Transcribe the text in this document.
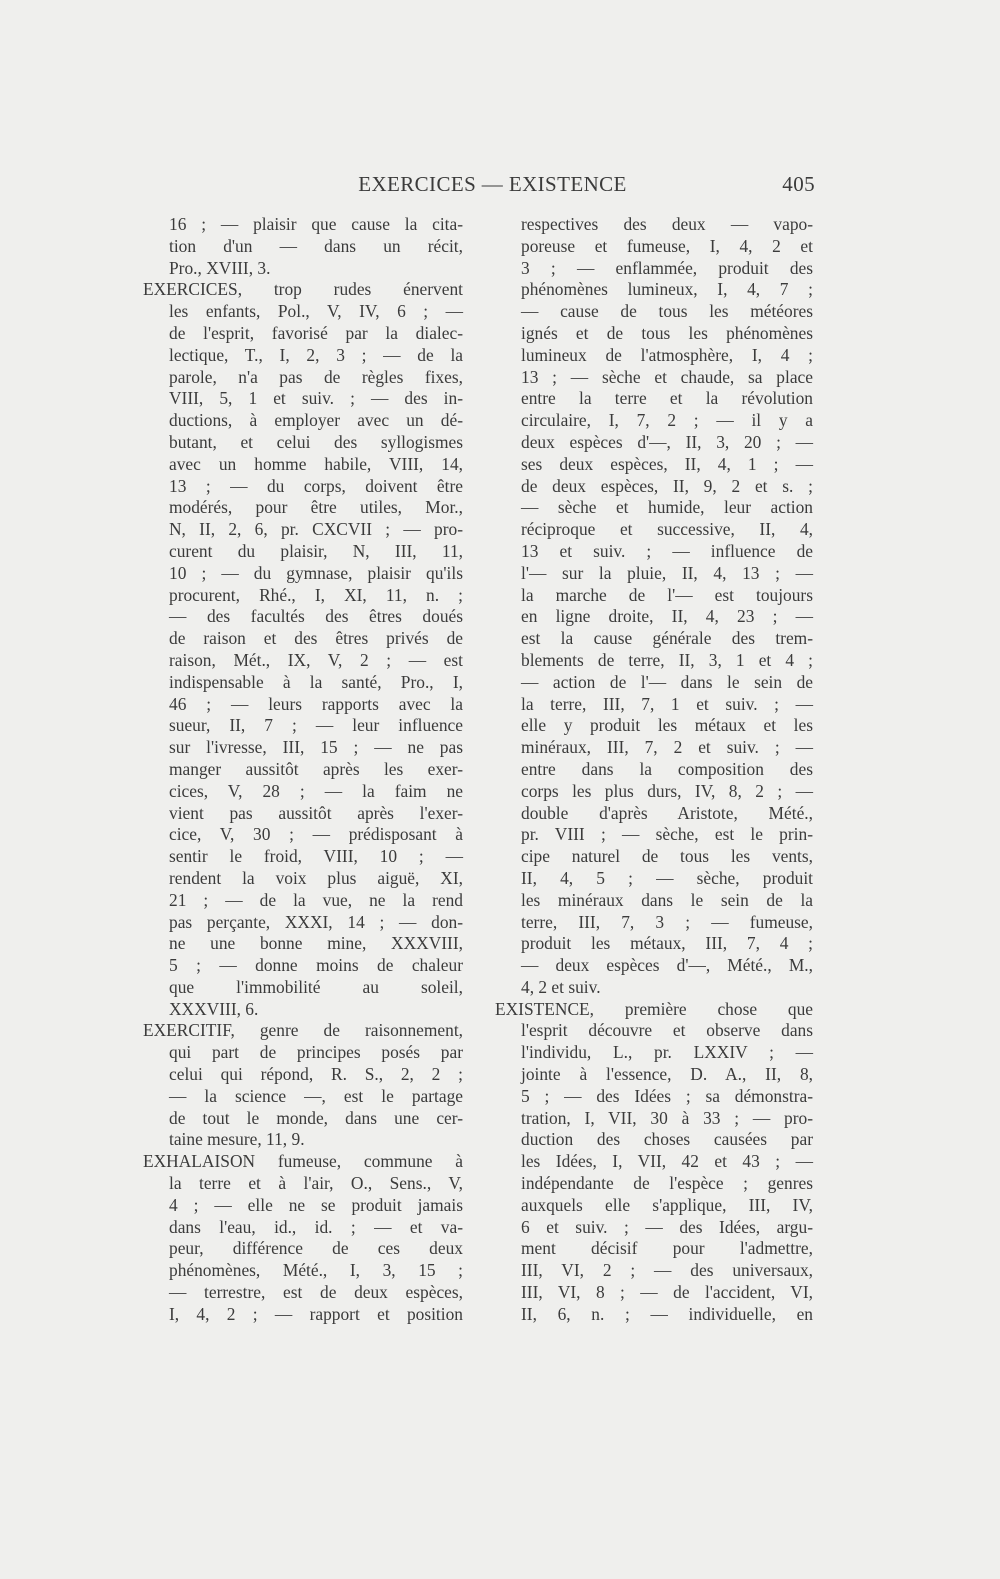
EXERCICES — EXISTENCE	405
16 ; — plaisir que cause la cita-
tion d'un — dans un récit,
Pro., XVIII, 3.
EXERCICES, trop rudes énervent
les enfants, Pol., V, IV, 6 ; —
de l'esprit, favorisé par la dialec-
lectique, T., I, 2, 3 ; — de la
parole, n'a pas de règles fixes,
VIII, 5, 1 et suiv. ; — des in-
ductions, à employer avec un dé-
butant, et celui des syllogismes
avec un homme habile, VIII, 14,
13 ; — du corps, doivent être
modérés, pour être utiles, Mor.,
N, II, 2, 6, pr. CXCVII ; — pro-
curent du plaisir, N, III, 11,
10 ; — du gymnase, plaisir qu'ils
procurent, Rhé., I, XI, 11, n. ;
— des facultés des êtres doués
de raison et des êtres privés de
raison, Mét., IX, V, 2 ; — est
indispensable à la santé, Pro., I,
46 ; — leurs rapports avec la
sueur, II, 7 ; — leur influence
sur l'ivresse, III, 15 ; — ne pas
manger aussitôt après les exer-
cices, V, 28 ; — la faim ne
vient pas aussitôt après l'exer-
cice, V, 30 ; — prédisposant à
sentir le froid, VIII, 10 ; —
rendent la voix plus aiguë, XI,
21 ; — de la vue, ne la rend
pas perçante, XXXI, 14 ; — don-
ne une bonne mine, XXXVIII,
5 ; — donne moins de chaleur
que l'immobilité au soleil,
XXXVIII, 6.
EXERCITIF, genre de raisonnement,
qui part de principes posés par
celui qui répond, R. S., 2, 2 ;
— la science —, est le partage
de tout le monde, dans une cer-
taine mesure, 11, 9.
EXHALAISON fumeuse, commune à
la terre et à l'air, O., Sens., V,
4 ; — elle ne se produit jamais
dans l'eau, id., id. ; — et va-
peur, différence de ces deux
phénomènes, Mété., I, 3, 15 ;
— terrestre, est de deux espèces,
I, 4, 2 ; — rapport et position
respectives des deux — vapo-
poreuse et fumeuse, I, 4, 2 et
3 ; — enflammée, produit des
phénomènes lumineux, I, 4, 7 ;
— cause de tous les météores
ignés et de tous les phénomènes
lumineux de l'atmosphère, I, 4 ;
13 ; — sèche et chaude, sa place
entre la terre et la révolution
circulaire, I, 7, 2 ; — il y a
deux espèces d'—, II, 3, 20 ; —
ses deux espèces, II, 4, 1 ; —
de deux espèces, II, 9, 2 et s. ;
— sèche et humide, leur action
réciproque et successive, II, 4,
13 et suiv. ; — influence de
l'— sur la pluie, II, 4, 13 ; —
la marche de l'— est toujours
en ligne droite, II, 4, 23 ; —
est la cause générale des trem-
blements de terre, II, 3, 1 et 4 ;
— action de l'— dans le sein de
la terre, III, 7, 1 et suiv. ; —
elle y produit les métaux et les
minéraux, III, 7, 2 et suiv. ; —
entre dans la composition des
corps les plus durs, IV, 8, 2 ; —
double d'après Aristote, Mété.,
pr. VIII ; — sèche, est le prin-
cipe naturel de tous les vents,
II, 4, 5 ; — sèche, produit
les minéraux dans le sein de la
terre, III, 7, 3 ; — fumeuse,
produit les métaux, III, 7, 4 ;
— deux espèces d'—, Mété., M.,
4, 2 et suiv.
EXISTENCE, première chose que
l'esprit découvre et observe dans
l'individu, L., pr. LXXIV ; —
jointe à l'essence, D. A., II, 8,
5 ; — des Idées ; sa démonstra-
tration, I, VII, 30 à 33 ; — pro-
duction des choses causées par
les Idées, I, VII, 42 et 43 ; —
indépendante de l'espèce ; genres
auxquels elle s'applique, III, IV,
6 et suiv. ; — des Idées, argu-
ment décisif pour l'admettre,
III, VI, 2 ; — des universaux,
III, VI, 8 ; — de l'accident, VI,
II, 6, n. ; — individuelle, en
